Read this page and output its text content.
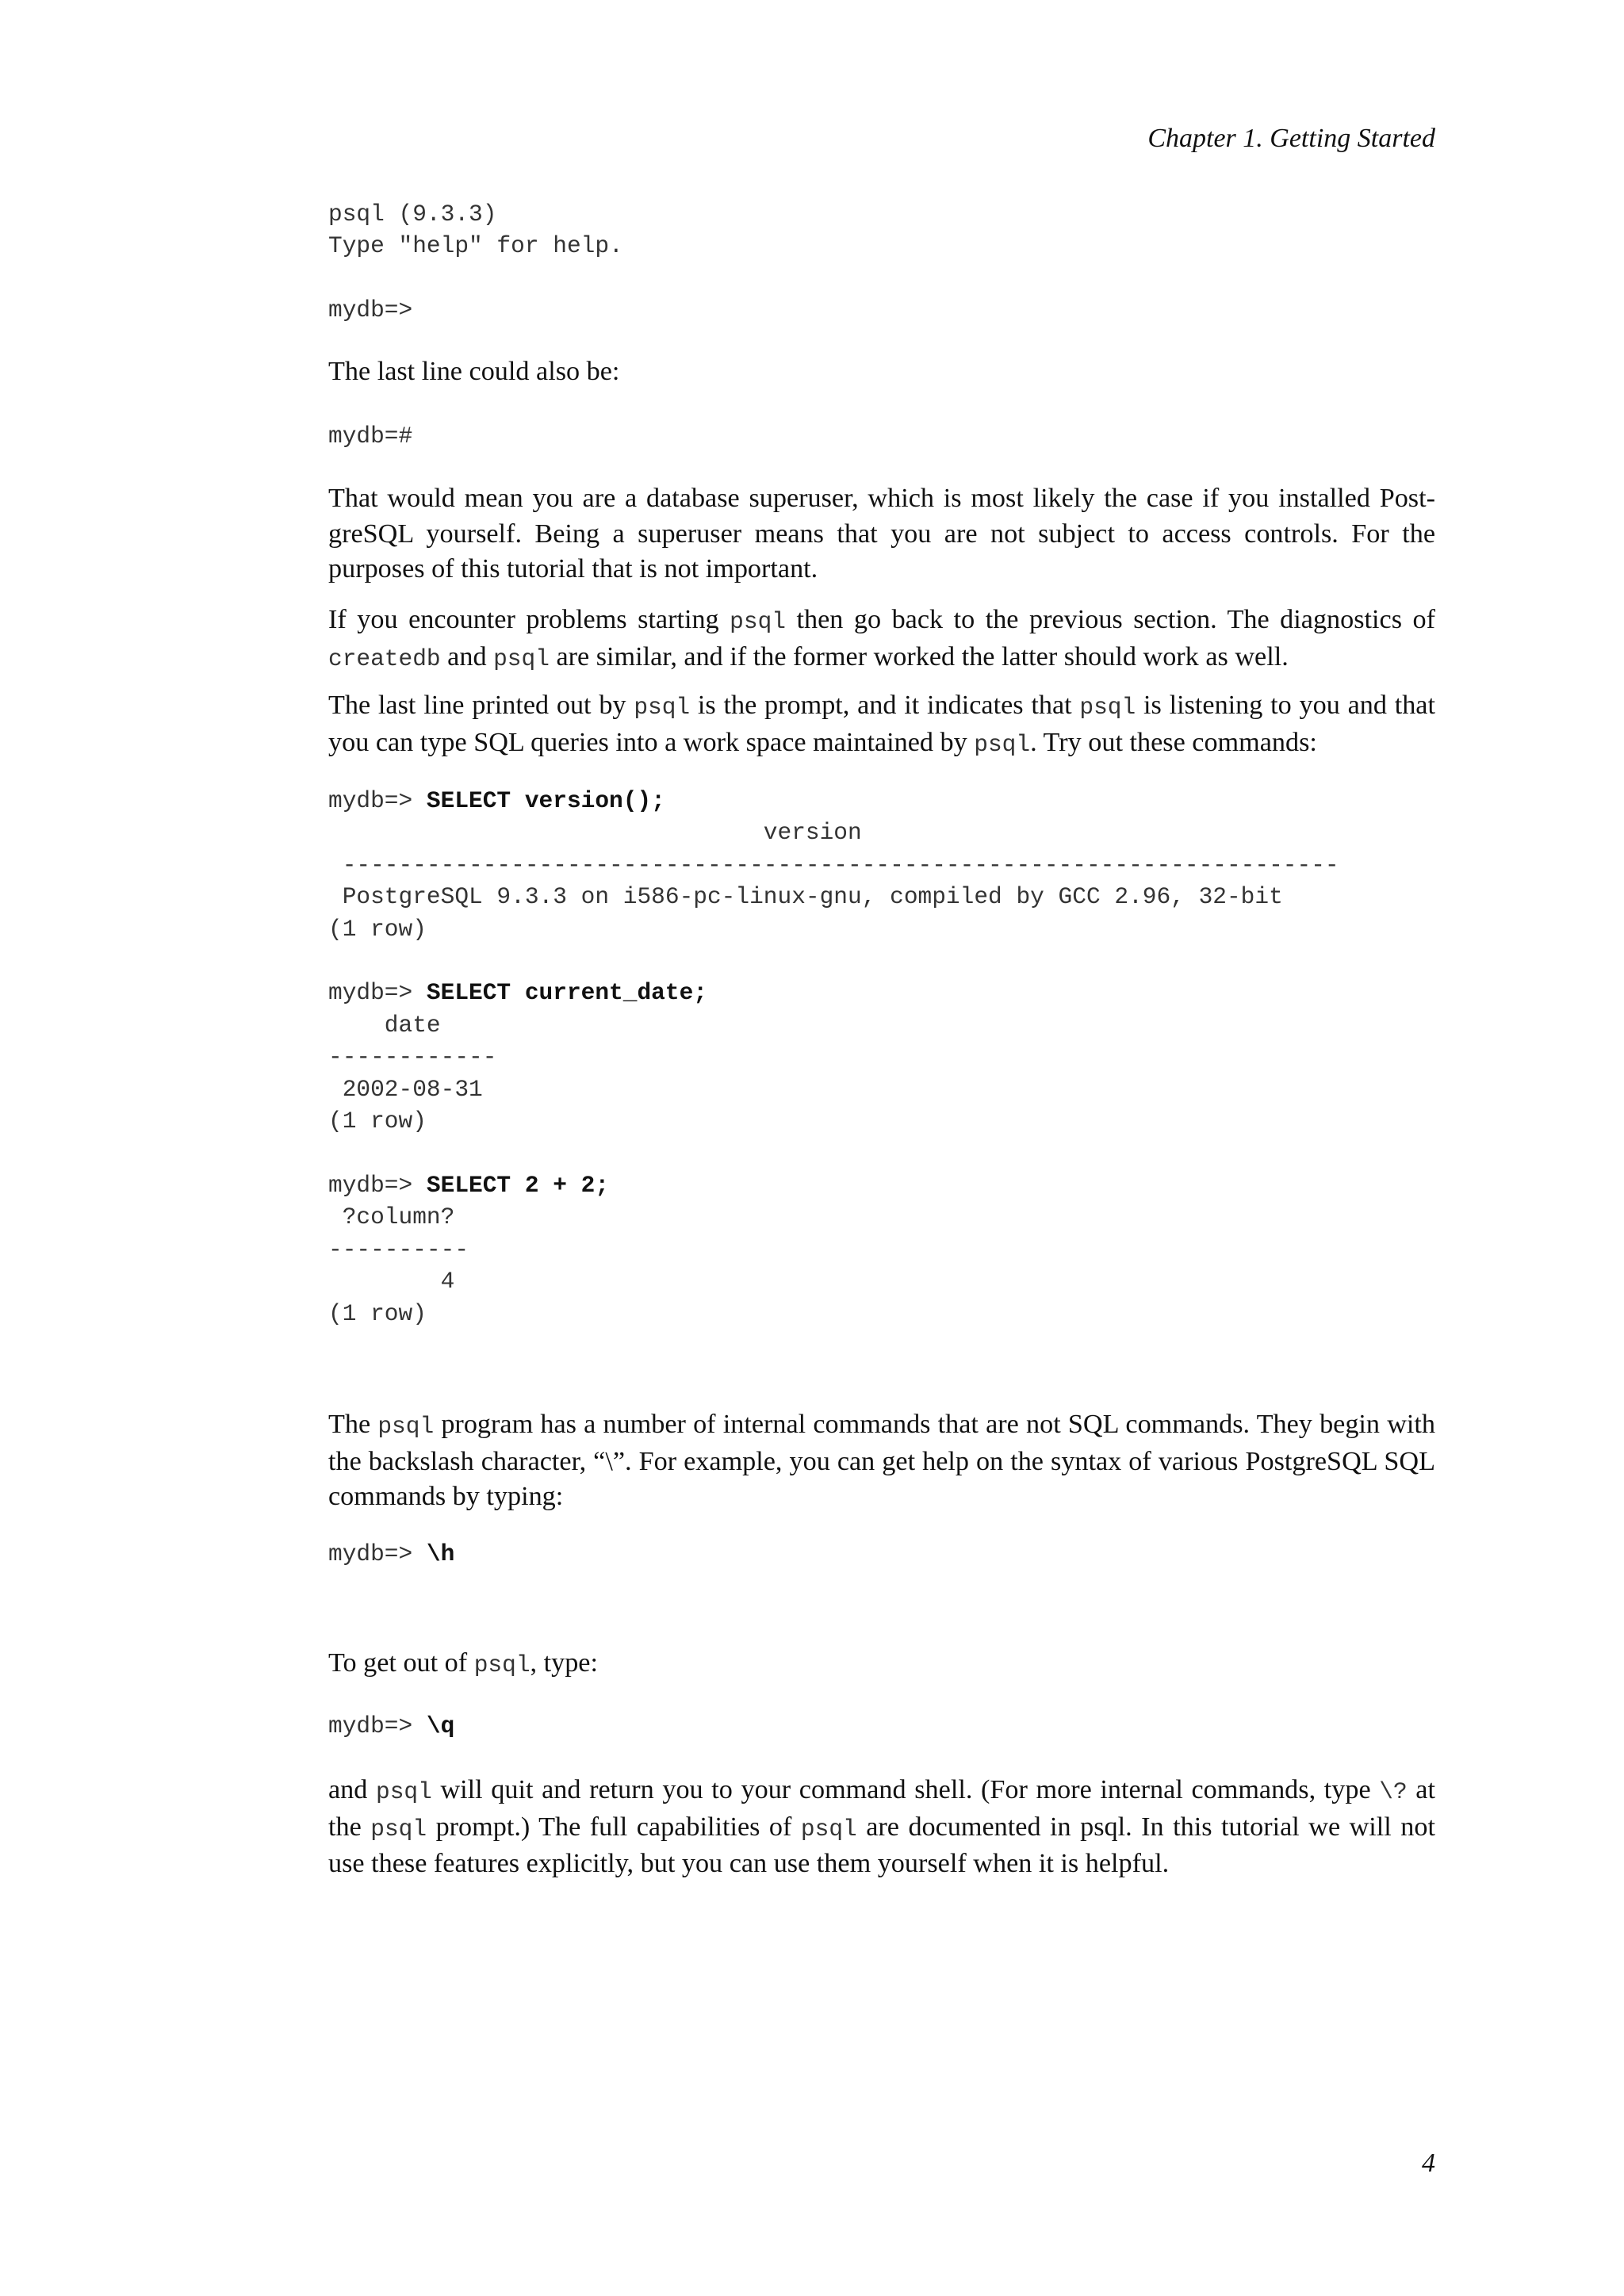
Chapter 1. Getting Started
psql (9.3.3)
Type "help" for help.

mydb=>

The last line could also be:

mydb=#

That would mean you are a database superuser, which is most likely the case if you installed Post-greSQL yourself. Being a superuser means that you are not subject to access controls. For the purposes of this tutorial that is not important.

If you encounter problems starting psql then go back to the previous section. The diagnostics of createdb and psql are similar, and if the former worked the latter should work as well.

The last line printed out by psql is the prompt, and it indicates that psql is listening to you and that you can type SQL queries into a work space maintained by psql. Try out these commands:

mydb=> SELECT version();
version
-----------------------------------------------------------------------
PostgreSQL 9.3.3 on i586-pc-linux-gnu, compiled by GCC 2.96, 32-bit
(1 row)

mydb=> SELECT current_date;
date
------------
2002-08-31
(1 row)

mydb=> SELECT 2 + 2;
?column?
----------
4
(1 row)

The psql program has a number of internal commands that are not SQL commands. They begin with the backslash character, “\”. For example, you can get help on the syntax of various PostgreSQL SQL commands by typing:

mydb=> \h

To get out of psql, type:

mydb=> \q

and psql will quit and return you to your command shell. (For more internal commands, type \? at the psql prompt.) The full capabilities of psql are documented in psql. In this tutorial we will not use these features explicitly, but you can use them yourself when it is helpful.

4
